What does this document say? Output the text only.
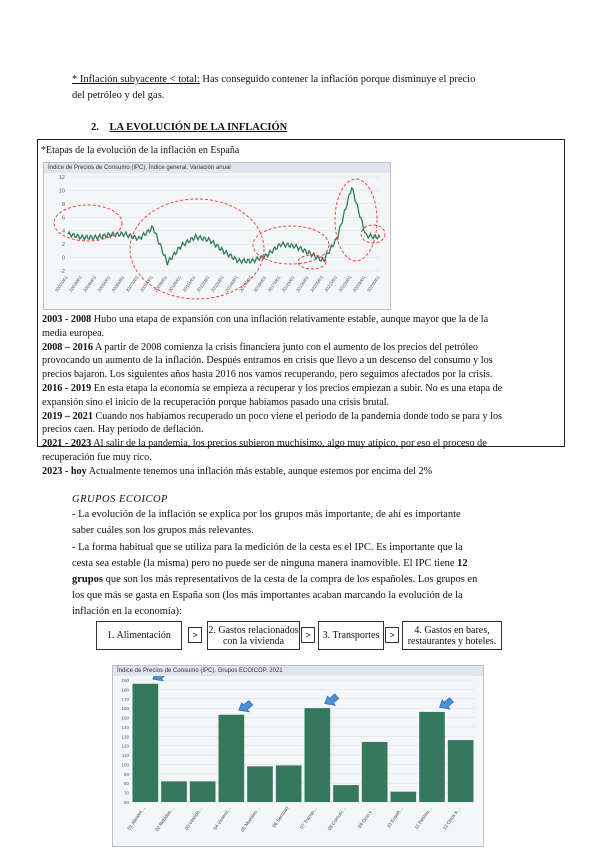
* Inflación subyacente < total: Has conseguido contener la inflación porque disminuye el precio
del petróleo y del gas.
2. LA EVOLUCIÓN DE LA INFLACIÓN
*Etapas de la evolución de la inflación en España
Índice de Precios de Consumo (IPC). Índice general. Variación anual
12
10
8
6
4
2
0
-2
2002M01 2003M01 2004M01 2005M01 2006M01 2007M01 2008M01 2009M01 2010M01 2011M01 2012M01 2013M01 2014M01 2015M01 2016M01 2017M01 2018M01 2019M01 2020M01 2021M01 2022M01 2023M01 2024M01
2003 - 2008 Hubo una etapa de expansión con una inflación relativamente estable, aunque mayor que la de la
media europea.
2008 – 2016 A partir de 2008 comienza la crisis financiera junto con el aumento de los precios del petróleo
provocando un aumento de la inflación. Después entramos en crisis que llevo a un descenso del consumo y los
precios bajaron. Los siguientes años hasta 2016 nos vamos recuperando, pero seguimos afectados por la crisis.
2016 - 2019 En esta etapa la economía se empieza a recuperar y los precios empiezan a subir. No es una etapa de
expansión sino el inicio de la recuperación porque habíamos pasado una crisis brutal.
2019 – 2021 Cuando nos habíamos recuperado un poco viene el periodo de la pandemia donde todo se para y los
precios caen. Hay periodo de deflación.
2021 - 2023 Al salir de la pandemia, los precios subieron muchísimo, algo muy atípico, por eso el proceso de
recuperación fue muy rico.
2023 - hoy Actualmente tenemos una inflación más estable, aunque estemos por encima del 2%
GRUPOS ECOICOP
- La evolución de la inflación se explica por los grupos más importante, de ahí es importante
saber cuáles son los grupos más relevantes.
- La forma habitual que se utiliza para la medición de la cesta es el IPC. Es importante que la
cesta sea estable (la misma) pero no puede ser de ninguna manera inamovible. El IPC tiene 12
grupos que son los más representativos de la cesta de la compra de los españoles. Los grupos en
los que más se gasta en España son (los más importantes acaban marcando la evolución de la
inflación en la economía):
1. Alimentación	>	2. Gastos relacionados con la vivienda
>	3. Transportes	>	4. Gastos en bares, restaurantes y hoteles.
Índice de Precios de Consumo (IPC). Grupos ECOICOP. 2021
190
180
170
160
150
140
130
120
110
100
90
80
70
60
01 Aliment… 02 Bebidas… 03 Vestido… 04 Viviend… 05 Muebles… 06 Sanidad 07 Transp… 08 Comuni… 09 Ocio y… 10 Enseñ… 11 Restau… 12 Otros b…
